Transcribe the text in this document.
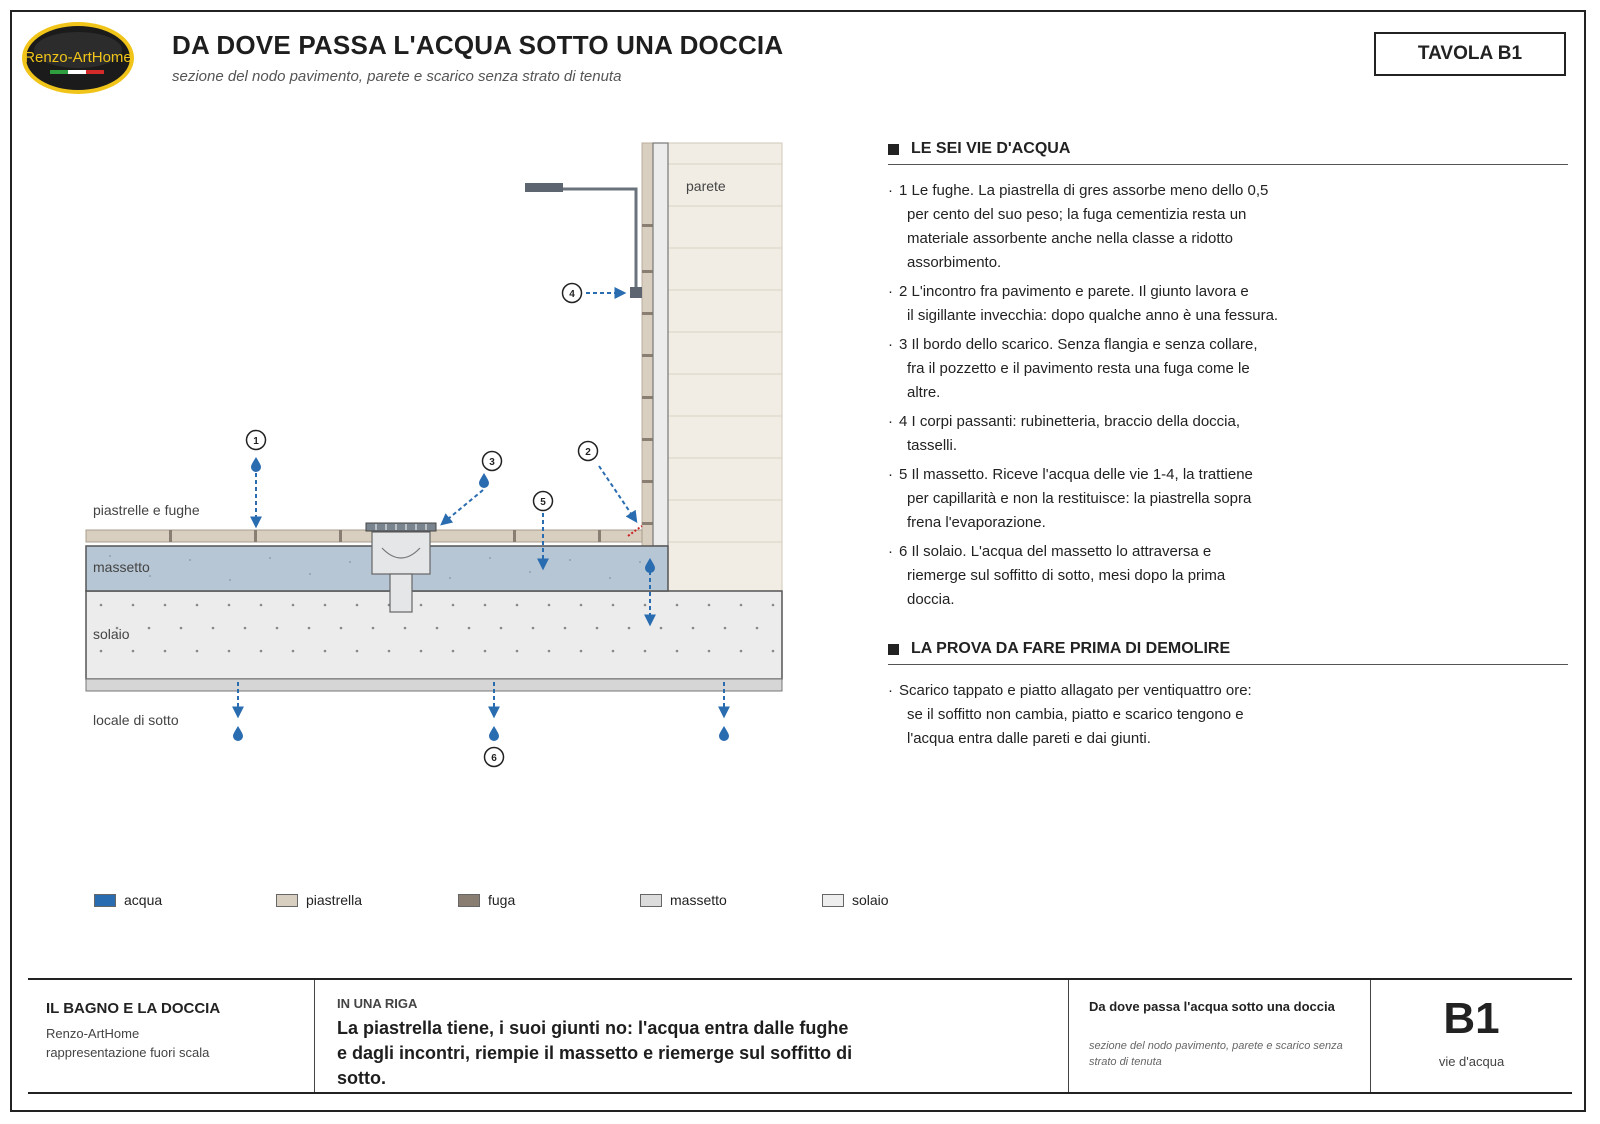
Renzo-ArtHome DA DOVE PASSA L'ACQUA SOTTO UNA DOCCIA
sezione del nodo pavimento, parete e scarico senza strato di tenuta
TAVOLA B1
1
2
3
4
5
6
parete
piastrelle e fughe
massetto
solaio
locale di sotto
LE SEI VIE D'ACQUA
· 1 Le fughe. La piastrella di gres assorbe meno dello 0,5
per cento del suo peso; la fuga cementizia resta un
materiale assorbente anche nella classe a ridotto
assorbimento.
· 2 L'incontro fra pavimento e parete. Il giunto lavora e
il sigillante invecchia: dopo qualche anno è una fessura.
· 3 Il bordo dello scarico. Senza flangia e senza collare,
fra il pozzetto e il pavimento resta una fuga come le
altre.
· 4 I corpi passanti: rubinetteria, braccio della doccia,
tasselli.
· 5 Il massetto. Riceve l'acqua delle vie 1-4, la trattiene
per capillarità e non la restituisce: la piastrella sopra
frena l'evaporazione.
· 6 Il solaio. L'acqua del massetto lo attraversa e
riemerge sul soffitto di sotto, mesi dopo la prima
doccia.
LA PROVA DA FARE PRIMA DI DEMOLIRE
· Scarico tappato e piatto allagato per ventiquattro ore:
se il soffitto non cambia, piatto e scarico tengono e
l'acqua entra dalle pareti e dai giunti.
acqua	piastrella	fuga	massetto	solaio
IL BAGNO E LA DOCCIA
Renzo-ArtHome
rappresentazione fuori scala
IN UNA RIGA
La piastrella tiene, i suoi giunti no: l'acqua entra dalle fughe e dagli incontri, riempie il massetto e riemerge sul soffitto di sotto.
Da dove passa l'acqua sotto una doccia
sezione del nodo pavimento, parete e scarico senza strato di tenuta
B1
vie d'acqua
